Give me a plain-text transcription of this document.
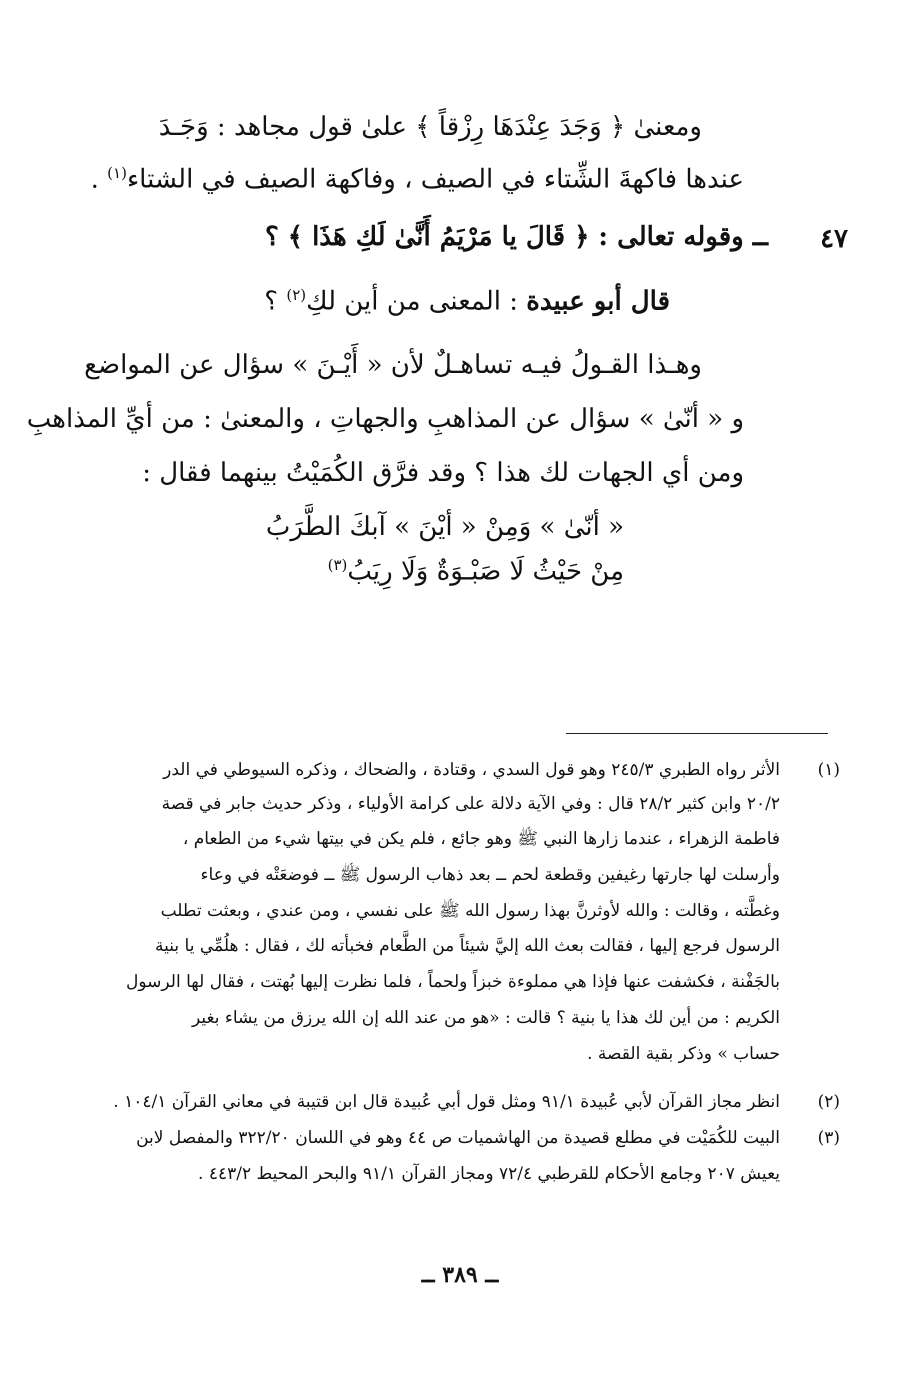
ومعنىٰ ﴿ وَجَدَ عِنْدَهَا رِزْقاً ﴾ علىٰ قول مجاهد : وَجَـدَ
عندها فاكهةَ الشِّتاء في الصيف ، وفاكهة الصيف في الشتاء$^{(١)}$ .
٤٧
ــ وقوله تعالى : ﴿ قَالَ يا مَرْيَمُ أَنَّىٰ لَكِ هَذَا ﴾ ؟
قال أبو عبيدة : المعنى من أين لكِ$^{(٢)}$ ؟
وهـذا القـولُ فيـه تساهـلٌ لأن « أَيْـنَ » سؤال عن المواضع
و « أنّىٰ » سؤال عن المذاهبِ والجهاتِ ، والمعنىٰ : من أيِّ المذاهبِ
ومن أي الجهات لك هذا ؟ وقد فرَّق الكُمَيْتُ بينهما فقال :
« أنّىٰ » وَمِنْ « أيْنَ » آبكَ الطَّرَبُ
مِنْ حَيْثُ لَا صَبْـوَةٌ وَلَا رِيَبُ$^{(٣)}$
(١)
الأثر رواه الطبري ٢٤٥/٣ وهو قول السدي ، وقتادة ، والضحاك ، وذكره السيوطي في الدر
٢٠/٢ وابن كثير ٢٨/٢ قال : وفي الآية دلالة على كرامة الأولياء ، وذكر حديث جابر في قصة
فاطمة الزهراء ، عندما زارها النبي ﷺ وهو جائع ، فلم يكن في بيتها شيء من الطعام ،
وأرسلت لها جارتها رغيفين وقطعة لحم ــ بعد ذهاب الرسول ﷺ ــ فوضعَتْه في وعاء
وغطَّته ، وقالت : والله لأوثرنَّ بهذا رسول الله ﷺ على نفسي ، ومن عندي ، وبعثت تطلب
الرسول فرجع إليها ، فقالت بعث الله إليَّ شيئاً من الطَّعام فخبأته لك ، فقال : هلُمِّي يا بنية
بالجَفْنة ، فكشفت عنها فإذا هي مملوءة خبزاً ولحماً ، فلما نظرت إليها بُهتت ، فقال لها الرسول
الكريم : من أين لك هذا يا بنية ؟ قالت : «هو من عند الله إن الله يرزق من يشاء بغير
حساب » وذكر بقية القصة .
(٢)
انظر مجاز القرآن لأبي عُبيدة ٩١/١ ومثل قول أبي عُبيدة قال ابن قتيبة في معاني القرآن ١٠٤/١ .
(٣)
البيت للكُمَيْت في مطلع قصيدة من الهاشميات ص ٤٤ وهو في اللسان ٣٢٢/٢٠ والمفصل لابن
يعيش ٢٠٧ وجامع الأحكام للقرطبي ٧٢/٤ ومجاز القرآن ٩١/١ والبحر المحيط ٤٤٣/٢ .
ــ ٣٨٩ ــ
